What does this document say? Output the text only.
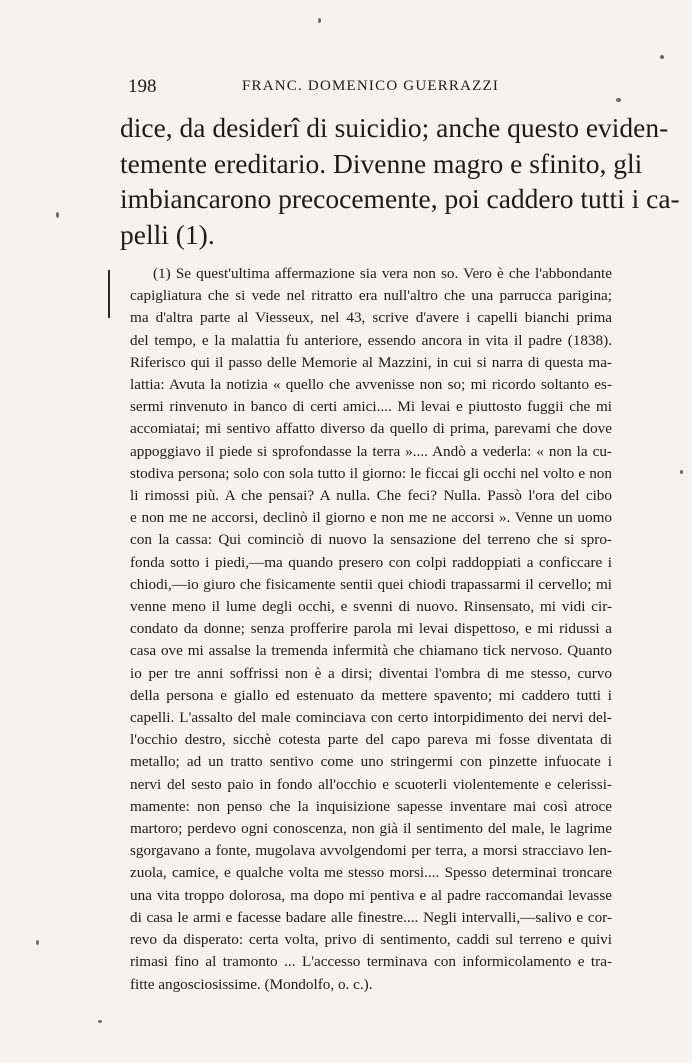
198	FRANC. DOMENICO GUERRAZZI
dice, da desiderî di suicidio; anche questo eviden-
temente ereditario. Divenne magro e sfinito, gli
imbiancarono precocemente, poi caddero tutti i ca-
pelli (1).
(1) Se quest'ultima affermazione sia vera non so. Vero è che l'abbondante
capigliatura che si vede nel ritratto era null'altro che una parrucca parigina;
ma d'altra parte al Viesseux, nel 43, scrive d'avere i capelli bianchi prima
del tempo, e la malattia fu anteriore, essendo ancora in vita il padre (1838).
Riferisco qui il passo delle Memorie al Mazzini, in cui si narra di questa ma-
lattia: Avuta la notizia « quello che avvenisse non so; mi ricordo soltanto es-
sermi rinvenuto in banco di certi amici.... Mi levai e piuttosto fuggii che mi
accomiatai; mi sentivo affatto diverso da quello di prima, parevami che dove
appoggiavo il piede si sprofondasse la terra ».... Andò a vederla: « non la cu-
stodiva persona; solo con sola tutto il giorno: le ficcai gli occhi nel volto e non
li rimossi più. A che pensai? A nulla. Che feci? Nulla. Passò l'ora del cibo
e non me ne accorsi, declinò il giorno e non me ne accorsi ». Venne un uomo
con la cassa: Qui cominciò di nuovo la sensazione del terreno che si spro-
fonda sotto i piedi,—ma quando presero con colpi raddoppiati a conficcare i
chiodi,—io giuro che fisicamente sentii quei chiodi trapassarmi il cervello; mi
venne meno il lume degli occhi, e svenni di nuovo. Rinsensato, mi vidi cir-
condato da donne; senza profferire parola mi levai dispettoso, e mi ridussi a
casa ove mi assalse la tremenda infermità che chiamano tick nervoso. Quanto
io per tre anni soffrissi non è a dirsi; diventai l'ombra di me stesso, curvo
della persona e giallo ed estenuato da mettere spavento; mi caddero tutti i
capelli. L'assalto del male cominciava con certo intorpidimento dei nervi del-
l'occhio destro, sicchè cotesta parte del capo pareva mi fosse diventata di
metallo; ad un tratto sentivo come uno stringermi con pinzette infuocate i
nervi del sesto paio in fondo all'occhio e scuoterli violentemente e celerissi-
mamente: non penso che la inquisizione sapesse inventare mai così atroce
martoro; perdevo ogni conoscenza, non già il sentimento del male, le lagrime
sgorgavano a fonte, mugolava avvolgendomi per terra, a morsi stracciavo len-
zuola, camice, e qualche volta me stesso morsi.... Spesso determinai troncare
una vita troppo dolorosa, ma dopo mi pentiva e al padre raccomandai levasse
di casa le armi e facesse badare alle finestre.... Negli intervalli,—salivo e cor-
revo da disperato: certa volta, privo di sentimento, caddi sul terreno e quivi
rimasi fino al tramonto ... L'accesso terminava con informicolamento e tra-
fitte angosciosissime. (Mondolfo, o. c.).
